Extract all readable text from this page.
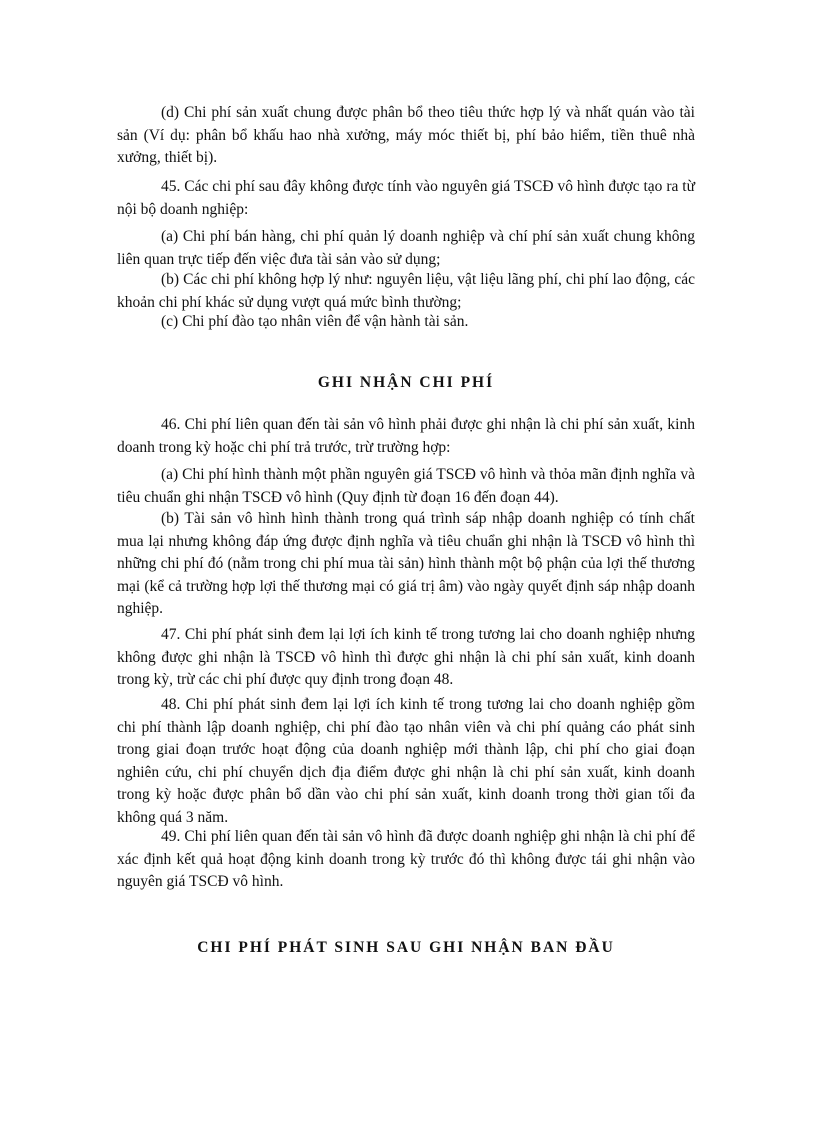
(d) Chi phí sản xuất chung được phân bổ theo tiêu thức hợp lý và nhất quán vào tài sản (Ví dụ: phân bổ khấu hao nhà xưởng, máy móc thiết bị, phí bảo hiểm, tiền thuê nhà xưởng, thiết bị).

45. Các chi phí sau đây không được tính vào nguyên giá TSCĐ vô hình được tạo ra từ nội bộ doanh nghiệp:

(a) Chi phí bán hàng, chi phí quản lý doanh nghiệp và chí phí sản xuất chung không liên quan trực tiếp đến việc đưa tài sản vào sử dụng;

(b) Các chi phí không hợp lý như: nguyên liệu, vật liệu lãng phí, chi phí lao động, các khoản chi phí khác sử dụng vượt quá mức bình thường;

(c) Chi phí đào tạo nhân viên để vận hành tài sản.

GHI NHẬN CHI PHÍ

46. Chi phí liên quan đến tài sản vô hình phải được ghi nhận là chi phí sản xuất, kinh doanh trong kỳ hoặc chi phí trả trước, trừ trường hợp:

(a) Chi phí hình thành một phần nguyên giá TSCĐ vô hình và thỏa mãn định nghĩa và tiêu chuẩn ghi nhận TSCĐ vô hình (Quy định từ đoạn 16 đến đoạn 44).

(b) Tài sản vô hình hình thành trong quá trình sáp nhập doanh nghiệp có tính chất mua lại nhưng không đáp ứng được định nghĩa và tiêu chuẩn ghi nhận là TSCĐ vô hình thì những chi phí đó (nằm trong chi phí mua tài sản) hình thành một bộ phận của lợi thế thương mại (kể cả trường hợp lợi thế thương mại có giá trị âm) vào ngày quyết định sáp nhập doanh nghiệp.

47. Chi phí phát sinh đem lại lợi ích kinh tế trong tương lai cho doanh nghiệp nhưng không được ghi nhận là TSCĐ vô hình thì được ghi nhận là chi phí sản xuất, kinh doanh trong kỳ, trừ các chi phí được quy định trong đoạn 48.

48. Chi phí phát sinh đem lại lợi ích kinh tế trong tương lai cho doanh nghiệp gồm chi phí thành lập doanh nghiệp, chi phí đào tạo nhân viên và chi phí quảng cáo phát sinh trong giai đoạn trước hoạt động của doanh nghiệp mới thành lập, chi phí cho giai đoạn nghiên cứu, chi phí chuyển dịch địa điểm được ghi nhận là chi phí sản xuất, kinh doanh trong kỳ hoặc được phân bổ dần vào chi phí sản xuất, kinh doanh trong thời gian tối đa không quá 3 năm.

49. Chi phí liên quan đến tài sản vô hình đã được doanh nghiệp ghi nhận là chi phí để xác định kết quả hoạt động kinh doanh trong kỳ trước đó thì không được tái ghi nhận vào nguyên giá TSCĐ vô hình.

CHI PHÍ PHÁT SINH SAU GHI NHẬN BAN ĐẦU
